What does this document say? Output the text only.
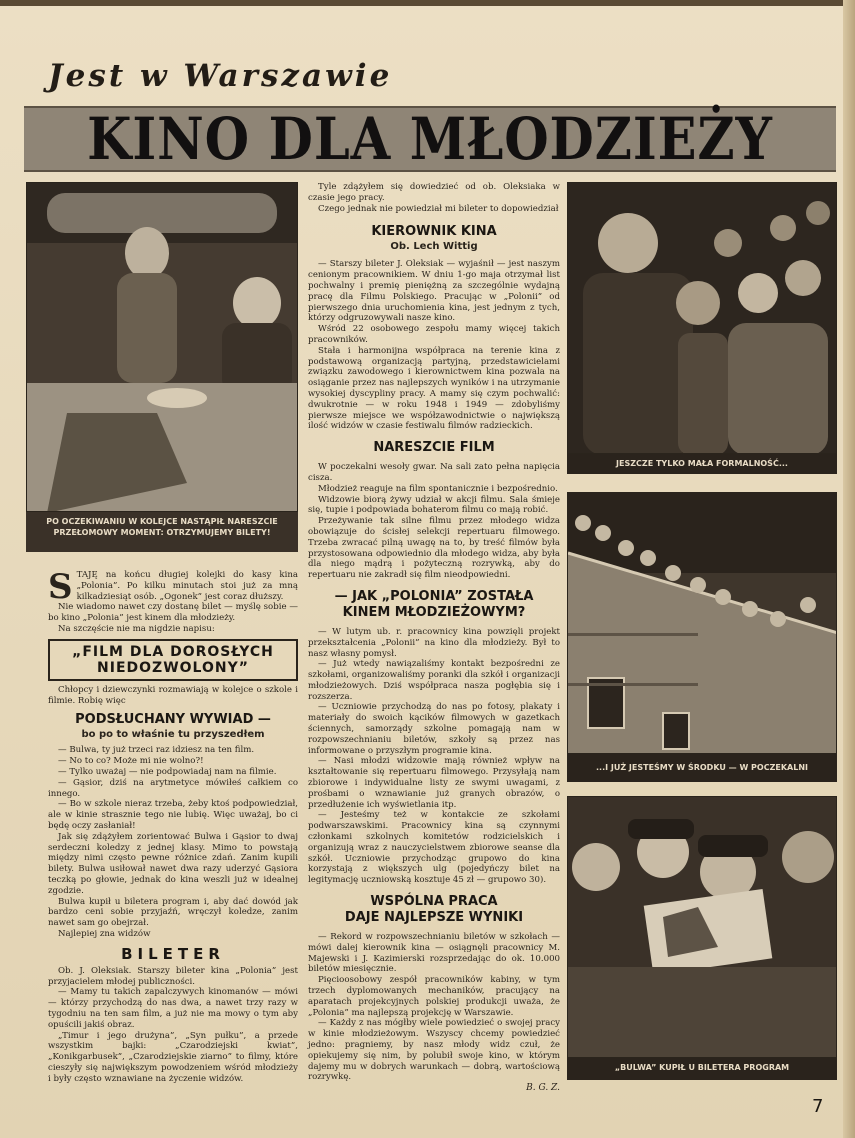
Jest w Warszawie
KINO DLA MŁODZIEŻY
PO OCZEKIWANIU W KOLEJCE NASTĄPIŁ NARESZCIE PRZEŁOMOWY MOMENT: OTRZYMUJEMY BILETY!
JESZCZE TYLKO MAŁA FORMALNOŚĆ...
...I JUŻ JESTEŚMY W ŚRODKU — W POCZEKALNI
„BULWA” KUPIŁ U BILETERA PROGRAM

STAJĘ na końcu długiej kolejki do kasy kina „Polonia”. Po kilku minutach stoi już za mną kilkadziesiąt osób. „Ogonek” jest coraz dłuższy.

Nie wiadomo nawet czy dostanę bilet — myślę sobie — bo kino „Polonia” jest kinem dla młodzieży.

Na szczęście nie ma nigdzie napisu:

„FILM DLA DOROSŁYCH
NIEDOZWOLONY”

Chłopcy i dziewczynki rozmawiają w kolejce o szkole i filmie. Robię więc

PODSŁUCHANY WYWIAD —
bo po to właśnie tu przyszedłem

— Bulwa, ty już trzeci raz idziesz na ten film.

— No to co? Może mi nie wolno?!

— Tylko uważaj — nie podpowiadaj nam na filmie.

— Gąsior, dziś na arytmetyce mówiłeś całkiem co innego.

— Bo w szkole nieraz trzeba, żeby ktoś podpowiedział, ale w kinie strasznie tego nie lubię. Więc uważaj, bo ci będę oczy zasłaniał!

Jak się zdążyłem zorientować Bulwa i Gąsior to dwaj serdeczni koledzy z jednej klasy. Mimo to powstają między nimi często pewne różnice zdań. Zanim kupili bilety. Bulwa usiłował nawet dwa razy uderzyć Gąsiora teczką po głowie, jednak do kina weszli już w idealnej zgodzie.

Bulwa kupił u biletera program i, aby dać dowód jak bardzo ceni sobie przyjaźń, wręczył koledze, zanim nawet sam go obejrzał.

Najlepiej zna widzów

BILETER

Ob. J. Oleksiak. Starszy bileter kina „Polonia” jest przyjacielem młodej publiczności.

— Mamy tu takich zapalczywych kinomanów — mówi — którzy przychodzą do nas dwa, a nawet trzy razy w tygodniu na ten sam film, a już nie ma mowy o tym aby opuścili jakiś obraz.

„Timur i jego drużyna”, „Syn pułku”, a przede wszystkim bajki: „Czarodziejski kwiat”, „Konikgarbusek”, „Czarodziejskie ziarno” to filmy, które cieszyły się największym powodzeniem wśród młodzieży i były często wznawiane na życzenie widzów.

Tyle zdążyłem się dowiedzieć od ob. Oleksiaka w czasie jego pracy.

Czego jednak nie powiedział mi bileter to dopowiedział

KIEROWNIK KINA
Ob. Lech Wittig

— Starszy bileter J. Oleksiak — wyjaśnił — jest naszym cenionym pracownikiem. W dniu 1-go maja otrzymał list pochwalny i premię pieniężną za szczególnie wydajną pracę dla Filmu Polskiego. Pracując w „Polonii” od pierwszego dnia uruchomienia kina, jest jednym z tych, którzy odgruzowywali nasze kino.

Wśród 22 osobowego zespołu mamy więcej takich pracowników.

Stała i harmonijna współpraca na terenie kina z podstawową organizacją partyjną, przedstawicielami związku zawodowego i kierownictwem kina pozwala na osiąganie przez nas najlepszych wyników i na utrzymanie wysokiej dyscypliny pracy. A mamy się czym pochwalić: dwukrotnie — w roku 1948 i 1949 — zdobyliśmy pierwsze miejsce we współzawodnictwie o największą ilość widzów w czasie festiwalu filmów radzieckich.

NARESZCIE FILM

W poczekalni wesoły gwar. Na sali zato pełna napięcia cisza.

Młodzież reaguje na film spontanicznie i bezpośrednio.

Widzowie biorą żywy udział w akcji filmu. Sala śmieje się, tupie i podpowiada bohaterom filmu co mają robić.

Przeżywanie tak silne filmu przez młodego widza obowiązuje do ścisłej selekcji repertuaru filmowego. Trzeba zwracać pilną uwagę na to, by treść filmów była przystosowana odpowiednio dla młodego widza, aby była dla niego mądrą i pożyteczną rozrywką, aby do repertuaru nie zakradł się film nieodpowiedni.

— JAK „POLONIA” ZOSTAŁA
KINEM MŁODZIEŻOWYM?

— W lutym ub. r. pracownicy kina powzięli projekt przekształcenia „Polonii” na kino dla młodzieży. Był to nasz własny pomysł.

— Już wtedy nawiązaliśmy kontakt bezpośredni ze szkołami, organizowaliśmy poranki dla szkół i organizacji młodzieżowych. Dziś współpraca nasza pogłębia się i rozszerza.

— Uczniowie przychodzą do nas po fotosy, plakaty i materiały do swoich kącików filmowych w gazetkach ściennych, samorządy szkolne pomagają nam w rozpowszechnianiu biletów, szkoły są przez nas informowane o przyszłym programie kina.

— Nasi młodzi widzowie mają również wpływ na kształtowanie się repertuaru filmowego. Przysyłają nam zbiorowe i indywidualne listy ze swymi uwagami, z prośbami o wznawianie już granych obrazów, o przedłużenie ich wyświetlania itp.

— Jesteśmy też w kontakcie ze szkołami podwarszawskimi. Pracownicy kina są czynnymi członkami szkolnych komitetów rodzicielskich i organizują wraz z nauczycielstwem zbiorowe seanse dla szkół. Uczniowie przychodząc grupowo do kina korzystają z większych ulg (pojedyńczy bilet na legitymację uczniowską kosztuje 45 zł — grupowo 30).

WSPÓLNA PRACA
DAJE NAJLEPSZE WYNIKI

— Rekord w rozpowszechnianiu biletów w szkołach — mówi dalej kierownik kina — osiągnęli pracownicy M. Majewski i J. Kazimierski rozsprzedając do ok. 10.000 biletów miesięcznie.

Pięcioosobowy zespół pracowników kabiny, w tym trzech dyplomowanych mechaników, pracujący na aparatach projekcyjnych polskiej produkcji uważa, że „Polonia” ma najlepszą projekcję w Warszawie.

— Każdy z nas mógłby wiele powiedzieć o swojej pracy w kinie młodzieżowym. Wszyscy chcemy powiedzieć jedno: pragniemy, by nasz młody widz czuł, że opiekujemy się nim, by polubił swoje kino, w którym dajemy mu w dobrych warunkach — dobrą, wartościową rozrywkę.

B. G. Z.
7
